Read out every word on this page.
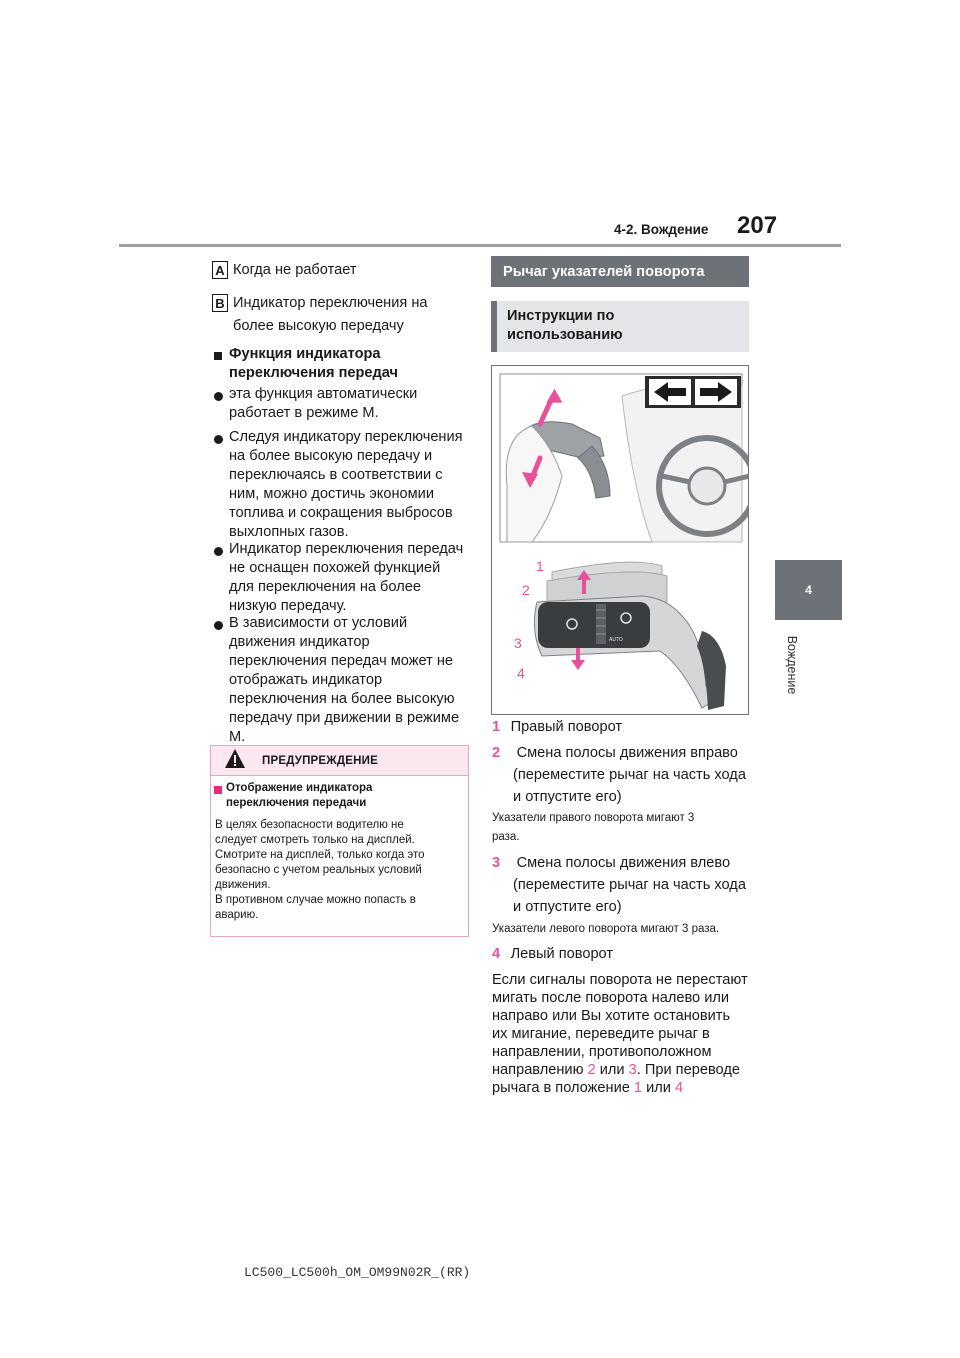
4-2. Вождение 207
4
Вождение
A Когда не работает
B Индикатор переключения на
более высокую передачу
Функция индикатора
переключения передач
эта функция автоматически
работает в режиме M.
Следуя индикатору переключения
на более высокую передачу и
переключаясь в соответствии с
ним, можно достичь экономии
топлива и сокращения выбросов
выхлопных газов.
Индикатор переключения передач
не оснащен похожей функцией
для переключения на более
низкую передачу.
В зависимости от условий
движения индикатор
переключения передач может не
отображать индикатор
переключения на более высокую
передачу при движении в режиме
M.
ПРЕДУПРЕЖДЕНИЕ
Отображение индикатора
переключения передачи
В целях безопасности водителю не
следует смотреть только на дисплей.
Смотрите на дисплей, только когда это
безопасно с учетом реальных условий
движения.
В противном случае можно попасть в
аварию.
Рычаг указателей поворота
Инструкции по
использованию
AUTO
1
2
3
4
1 Правый поворот
2 Смена полосы движения вправо
(переместите рычаг на часть хода
и отпустите его)
Указатели правого поворота мигают 3
раза.
3 Смена полосы движения влево
(переместите рычаг на часть хода
и отпустите его)
Указатели левого поворота мигают 3 раза.
4 Левый поворот
Если сигналы поворота не перестают
мигать после поворота налево или
направо или Вы хотите остановить
их мигание, переведите рычаг в
направлении, противоположном
направлению 2 или 3. При переводе
рычага в положение 1 или 4
LC500_LC500h_OM_OM99N02R_(RR)
